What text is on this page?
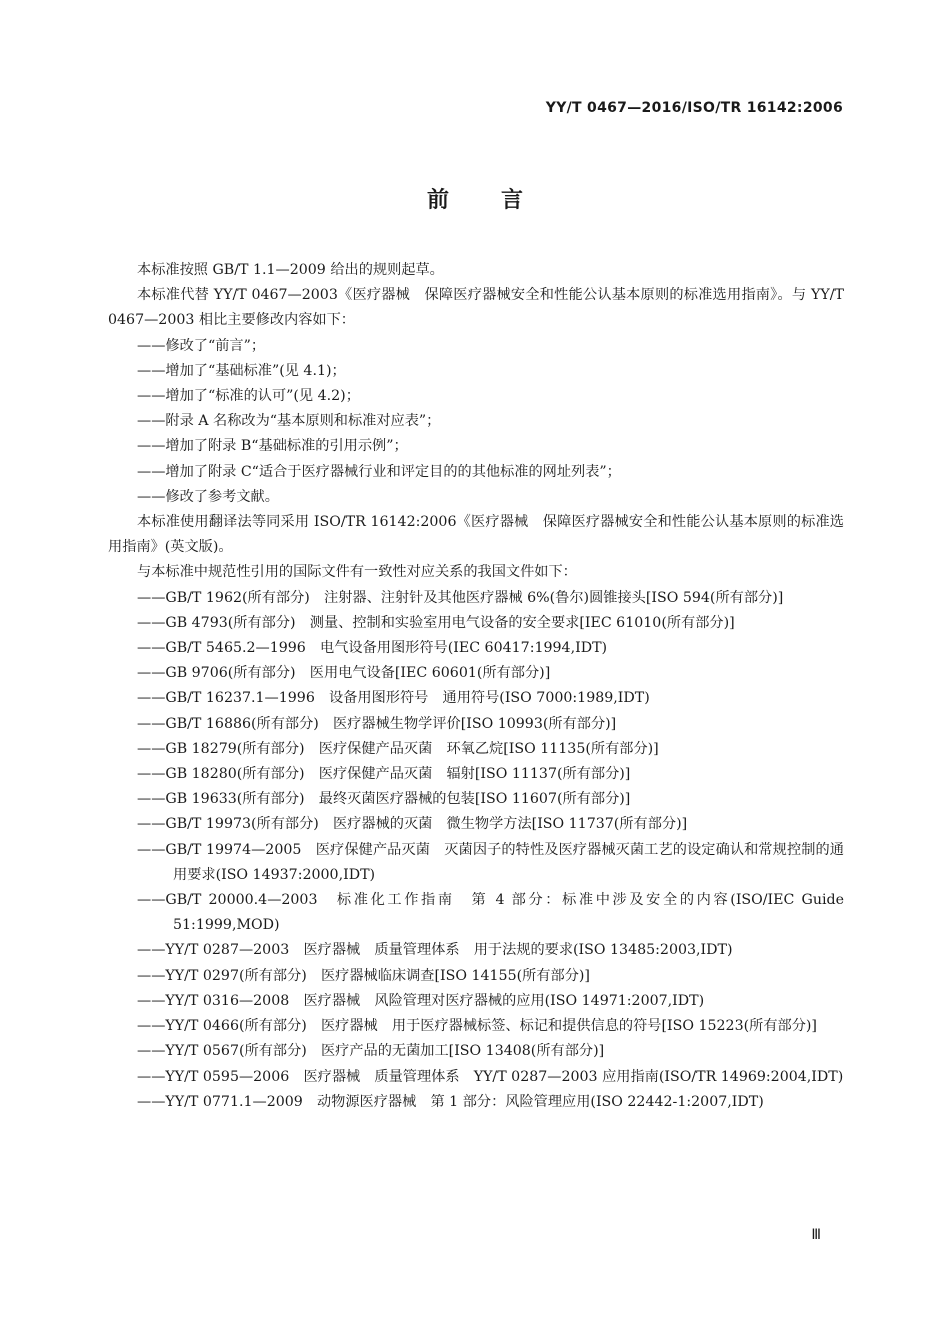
YY/T 0467—2016/ISO/TR 16142:2006
前言

本标准按照 GB/T 1.1—2009 给出的规则起草。

本标准代替 YY/T 0467—2003《医疗器械　保障医疗器械安全和性能公认基本原则的标准选用指南》。与 YY/T 0467—2003 相比主要修改内容如下：

——修改了“前言”；

——增加了“基础标准”(见 4.1)；

——增加了“标准的认可”(见 4.2)；

——附录 A 名称改为“基本原则和标准对应表”；

——增加了附录 B“基础标准的引用示例”；

——增加了附录 C“适合于医疗器械行业和评定目的的其他标准的网址列表”；

——修改了参考文献。

本标准使用翻译法等同采用 ISO/TR 16142:2006《医疗器械　保障医疗器械安全和性能公认基本原则的标准选用指南》(英文版)。

与本标准中规范性引用的国际文件有一致性对应关系的我国文件如下：

——GB/T 1962(所有部分)　注射器、注射针及其他医疗器械 6%(鲁尔)圆锥接头[ISO 594(所有部分)]

——GB 4793(所有部分)　测量、控制和实验室用电气设备的安全要求[IEC 61010(所有部分)]

——GB/T 5465.2—1996　电气设备用图形符号(IEC 60417:1994,IDT)

——GB 9706(所有部分)　医用电气设备[IEC 60601(所有部分)]

——GB/T 16237.1—1996　设备用图形符号　通用符号(ISO 7000:1989,IDT)

——GB/T 16886(所有部分)　医疗器械生物学评价[ISO 10993(所有部分)]

——GB 18279(所有部分)　医疗保健产品灭菌　环氧乙烷[ISO 11135(所有部分)]

——GB 18280(所有部分)　医疗保健产品灭菌　辐射[ISO 11137(所有部分)]

——GB 19633(所有部分)　最终灭菌医疗器械的包装[ISO 11607(所有部分)]

——GB/T 19973(所有部分)　医疗器械的灭菌　微生物学方法[ISO 11737(所有部分)]

——GB/T 19974—2005　医疗保健产品灭菌　灭菌因子的特性及医疗器械灭菌工艺的设定确认和常规控制的通用要求(ISO 14937:2000,IDT)

——GB/T 20000.4—2003　标准化工作指南　第 4 部分：标准中涉及安全的内容(ISO/IEC Guide 51:1999,MOD)

——YY/T 0287—2003　医疗器械　质量管理体系　用于法规的要求(ISO 13485:2003,IDT)

——YY/T 0297(所有部分)　医疗器械临床调查[ISO 14155(所有部分)]

——YY/T 0316—2008　医疗器械　风险管理对医疗器械的应用(ISO 14971:2007,IDT)

——YY/T 0466(所有部分)　医疗器械　用于医疗器械标签、标记和提供信息的符号[ISO 15223(所有部分)]

——YY/T 0567(所有部分)　医疗产品的无菌加工[ISO 13408(所有部分)]

——YY/T 0595—2006　医疗器械　质量管理体系　YY/T 0287—2003 应用指南(ISO/TR 14969:2004,IDT)

——YY/T 0771.1—2009　动物源医疗器械　第 1 部分：风险管理应用(ISO 22442-1:2007,IDT)

Ⅲ
